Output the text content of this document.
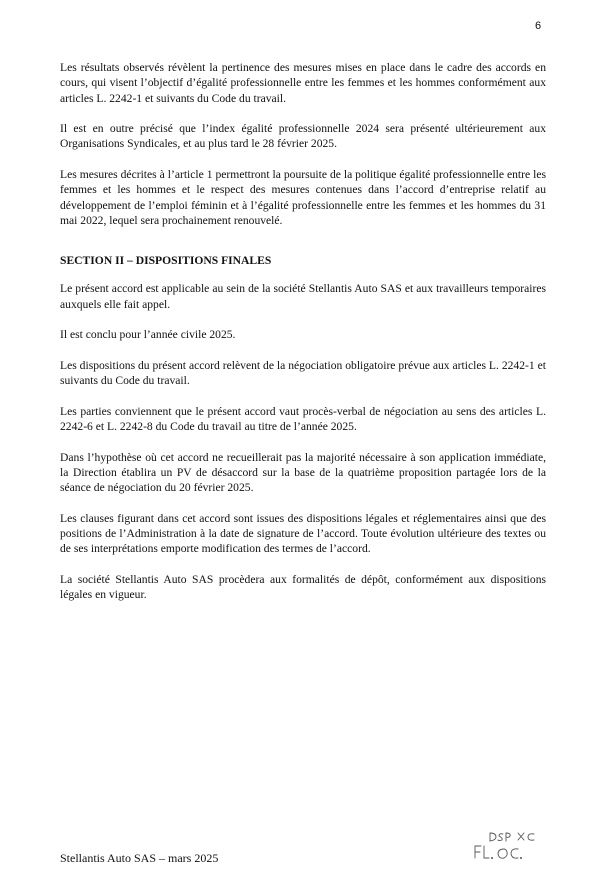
6

Les résultats observés révèlent la pertinence des mesures mises en place dans le cadre des accords en cours, qui visent l’objectif d’égalité professionnelle entre les femmes et les hommes conformément aux articles L. 2242-1 et suivants du Code du travail.

Il est en outre précisé que l’index égalité professionnelle 2024 sera présenté ultérieurement aux Organisations Syndicales, et au plus tard le 28 février 2025.

Les mesures décrites à l’article 1 permettront la poursuite de la politique égalité professionnelle entre les femmes et les hommes et le respect des mesures contenues dans l’accord d’entreprise relatif au développement de l’emploi féminin et à l’égalité professionnelle entre les femmes et les hommes du 31 mai 2022, lequel sera prochainement renouvelé.

SECTION II – DISPOSITIONS FINALES

Le présent accord est applicable au sein de la société Stellantis Auto SAS et aux travailleurs temporaires auxquels elle fait appel.

Il est conclu pour l’année civile 2025.

Les dispositions du présent accord relèvent de la négociation obligatoire prévue aux articles L. 2242-1 et suivants du Code du travail.

Les parties conviennent que le présent accord vaut procès-verbal de négociation au sens des articles L. 2242-6 et L. 2242-8 du Code du travail au titre de l’année 2025.

Dans l’hypothèse où cet accord ne recueillerait pas la majorité nécessaire à son application immédiate, la Direction établira un PV de désaccord sur la base de la quatrième proposition partagée lors de la séance de négociation du 20 février 2025.

Les clauses figurant dans cet accord sont issues des dispositions légales et réglementaires ainsi que des positions de l’Administration à la date de signature de l’accord. Toute évolution ultérieure des textes ou de ses interprétations emporte modification des termes de l’accord.

La société Stellantis Auto SAS procèdera aux formalités de dépôt, conformément aux dispositions légales en vigueur.

Stellantis Auto SAS – mars 2025
